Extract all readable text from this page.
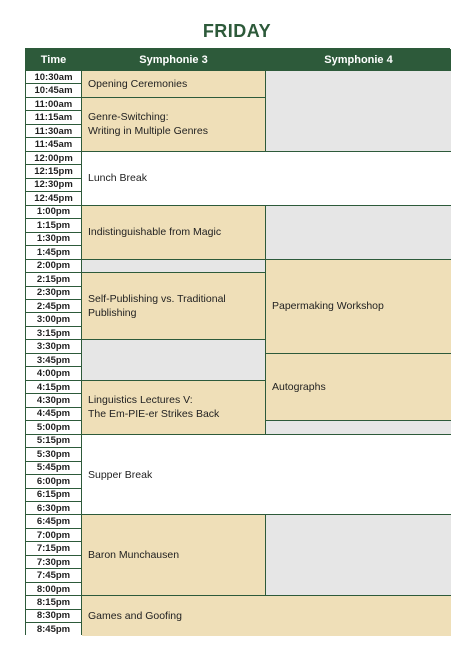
FRIDAY
Time	Symphonie 3	Symphonie 4
10:30am
10:45am
11:00am
11:15am
11:30am
11:45am
12:00pm
12:15pm
12:30pm
12:45pm
1:00pm
1:15pm
1:30pm
1:45pm
2:00pm
2:15pm
2:30pm
2:45pm
3:00pm
3:15pm
3:30pm
3:45pm
4:00pm
4:15pm
4:30pm
4:45pm
5:00pm
5:15pm
5:30pm
5:45pm
6:00pm
6:15pm
6:30pm
6:45pm
7:00pm
7:15pm
7:30pm
7:45pm
8:00pm
8:15pm
8:30pm
8:45pm
Opening Ceremonies
Genre-Switching:
Writing in Multiple Genres
Lunch Break
Indistinguishable from Magic
Self-Publishing vs. Traditional
Publishing
Linguistics Lectures V:
The Em-PIE-er Strikes Back
Papermaking Workshop
Autographs
Supper Break
Baron Munchausen
Games and Goofing
